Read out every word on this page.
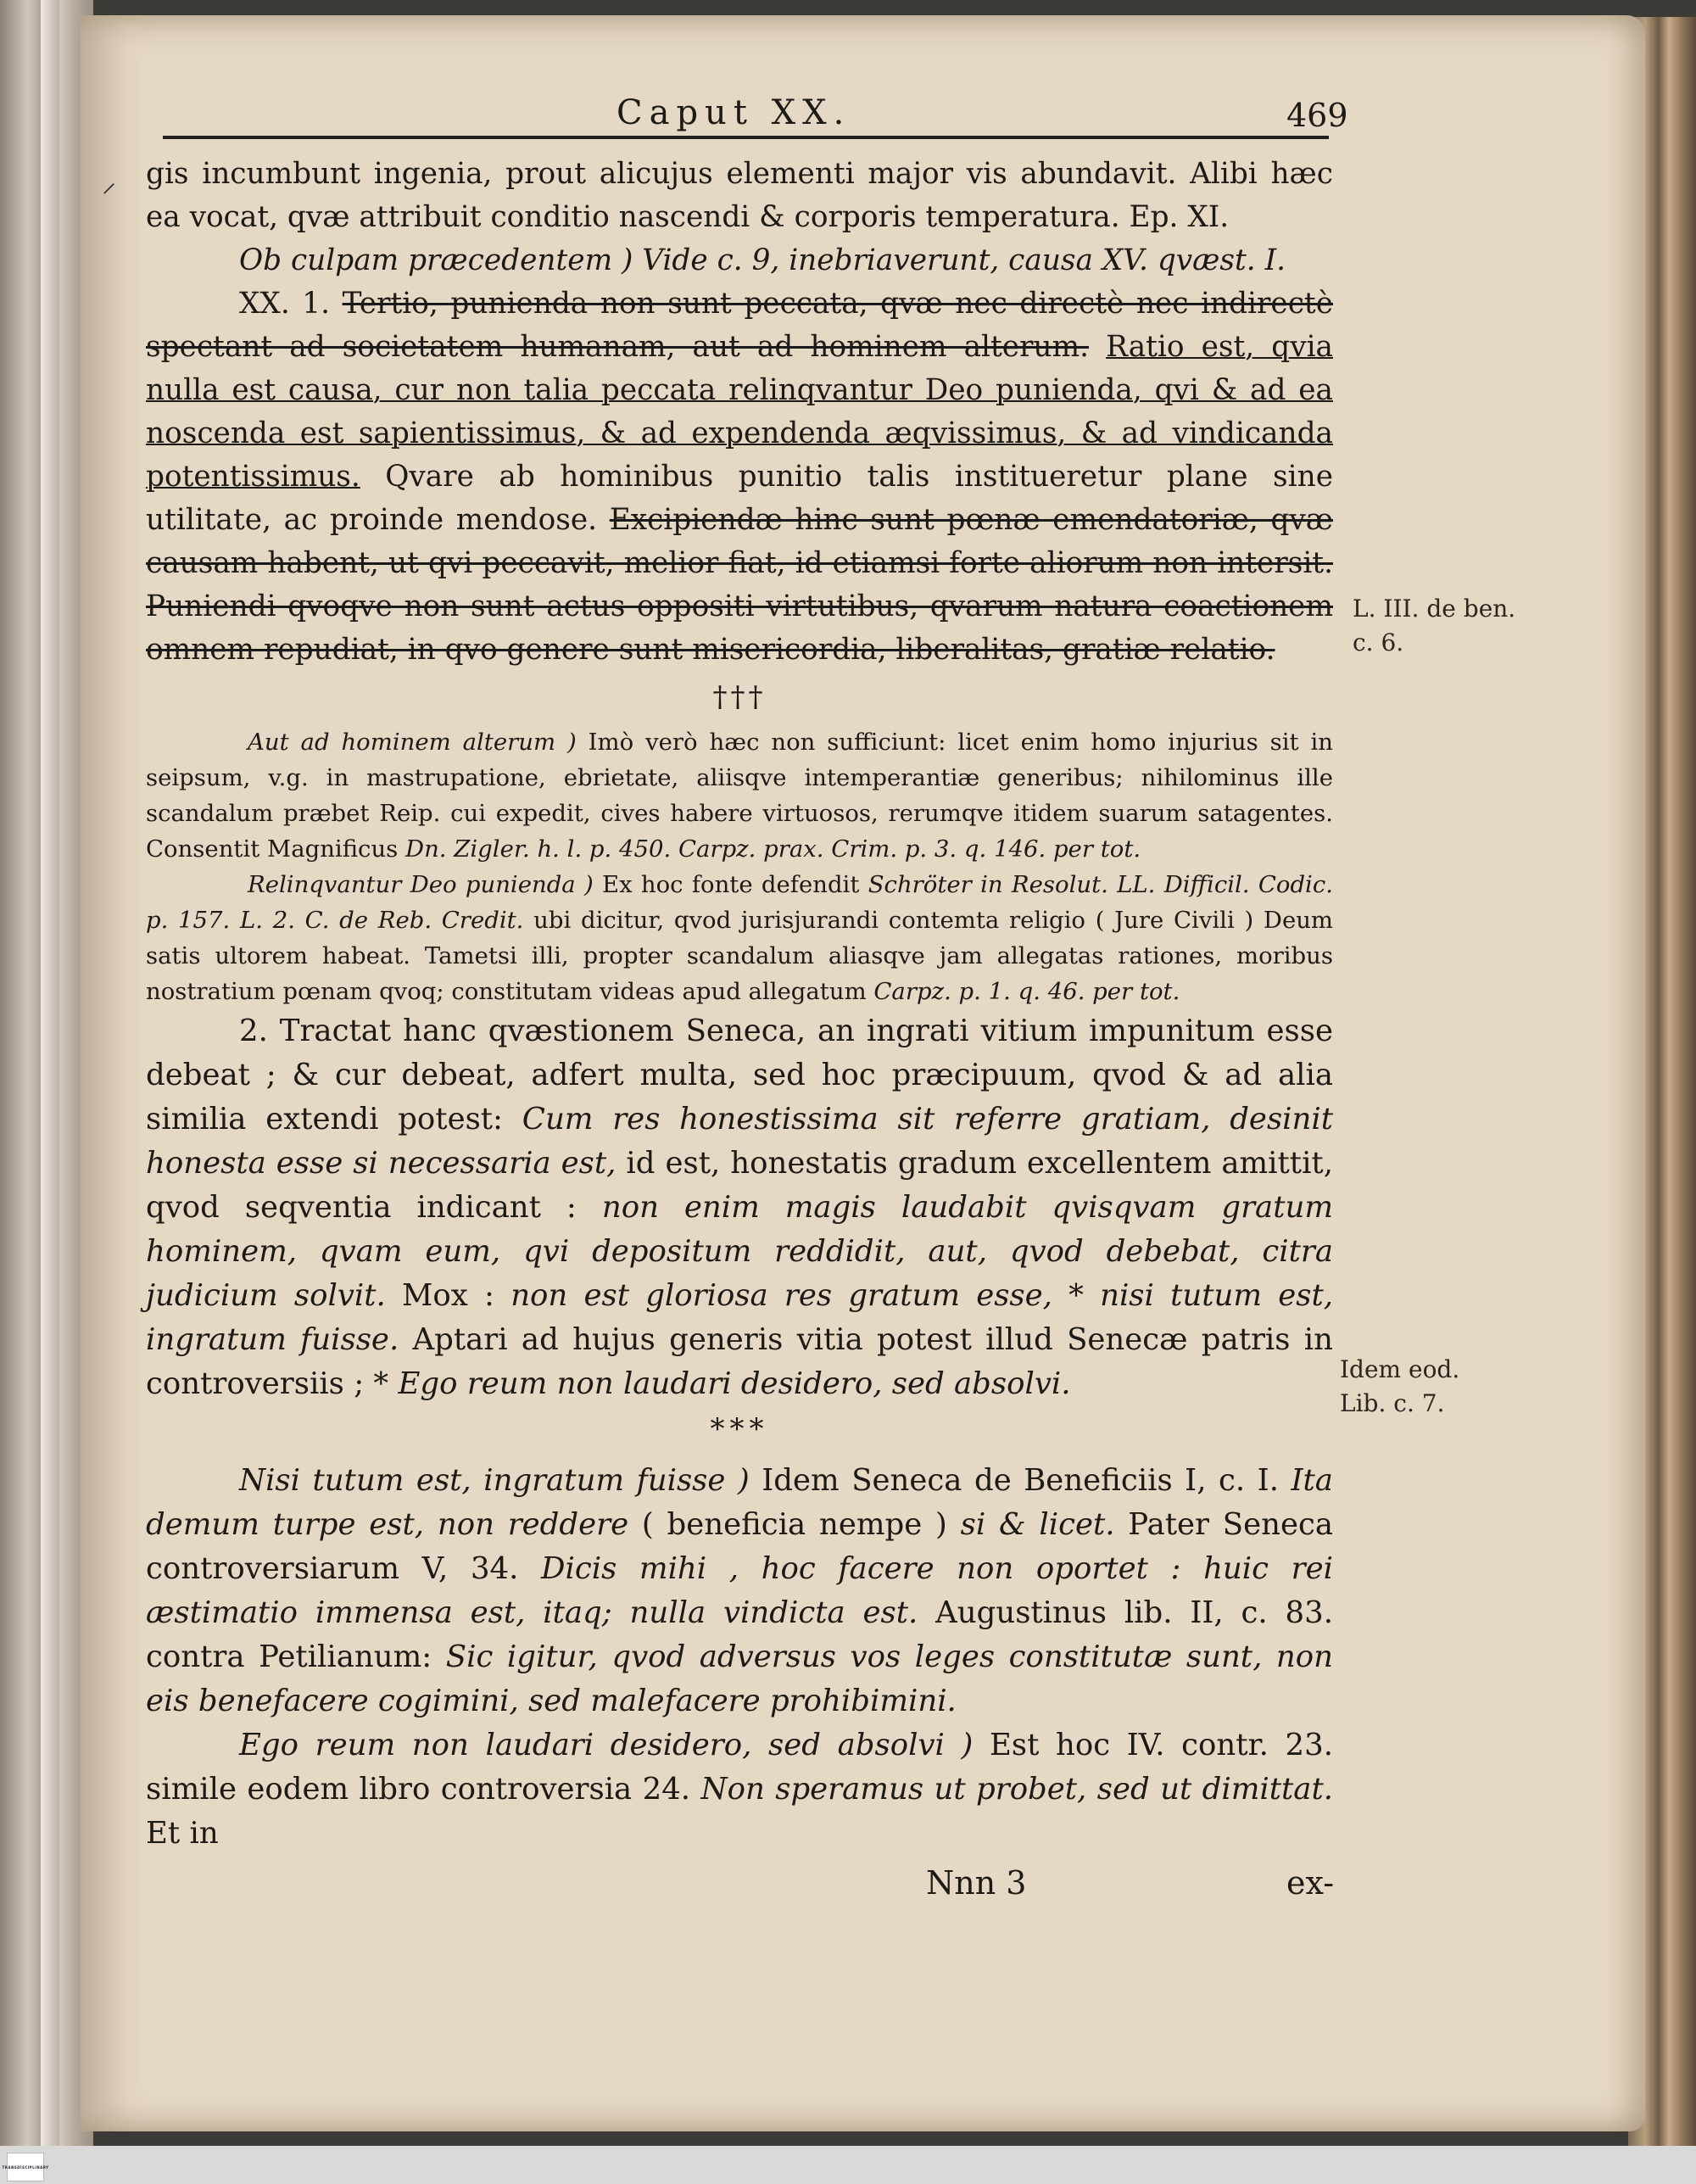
⸝
Caput XX.	469

gis incumbunt ingenia, prout alicujus elementi major vis abundavit. Alibi hæc ea vocat, qvæ attribuit conditio nascendi & corporis temperatura. Ep. XI.

Ob culpam præcedentem ) Vide c. 9, inebriaverunt, causa XV. qvæst. I.

XX. 1. Tertio, punienda non sunt peccata, qvæ nec directè nec indirectè spectant ad societatem humanam, aut ad hominem alterum. Ratio est, qvia nulla est causa, cur non talia peccata relinqvantur Deo punienda, qvi & ad ea noscenda est sapientissimus, & ad expendenda æqvissimus, & ad vindicanda potentissimus. Qvare ab hominibus punitio talis institueretur plane sine utilitate, ac proinde mendose. Excipiendæ hinc sunt pœnæ emendatoriæ, qvæ causam habent, ut qvi peccavit, melior fiat, id etiamsi forte aliorum non intersit. Puniendi qvoqve non sunt actus oppositi virtutibus, qvarum natura coactionem omnem repudiat, in qvo genere sunt misericordia, liberalitas, gratiæ relatio.

†††

Aut ad hominem alterum ) Imò verò hæc non sufficiunt: licet enim homo injurius sit in seipsum, v.g. in mastrupatione, ebrietate, aliisqve intemperantiæ generibus; nihilominus ille scandalum præbet Reip. cui expedit, cives habere virtuosos, rerumqve itidem suarum satagentes. Consentit Magnificus Dn. Zigler. h. l. p. 450. Carpz. prax. Crim. p. 3. q. 146. per tot.

Relinqvantur Deo punienda ) Ex hoc fonte defendit Schröter in Resolut. LL. Difficil. Codic. p. 157. L. 2. C. de Reb. Credit. ubi dicitur, qvod jurisjurandi contemta religio ( Jure Civili ) Deum satis ultorem habeat. Tametsi illi, propter scandalum aliasqve jam allegatas rationes, moribus nostratium pœnam qvoq; constitutam videas apud allegatum Carpz. p. 1. q. 46. per tot.

2. Tractat hanc qvæstionem Seneca, an ingrati vitium impunitum esse debeat ; & cur debeat, adfert multa, sed hoc præcipuum, qvod & ad alia similia extendi potest: Cum res honestissima sit referre gratiam, desinit honesta esse si necessaria est, id est, honestatis gradum excellentem amittit, qvod seqventia indicant : non enim magis laudabit qvisqvam gratum hominem, qvam eum, qvi depositum reddidit, aut, qvod debebat, citra judicium solvit. Mox : non est gloriosa res gratum esse, * nisi tutum est, ingratum fuisse. Aptari ad hujus generis vitia potest illud Senecæ patris in controversiis ; * Ego reum non laudari desidero, sed absolvi.

***

Nisi tutum est, ingratum fuisse ) Idem Seneca de Beneficiis I, c. I. Ita demum turpe est, non reddere ( beneficia nempe ) si & licet. Pater Seneca controversiarum V, 34. Dicis mihi , hoc facere non oportet : huic rei æstimatio immensa est, itaq; nulla vindicta est. Augustinus lib. II, c. 83. contra Petilianum: Sic igitur, qvod adversus vos leges constitutæ sunt, non eis benefacere cogimini, sed malefacere prohibimini.

Ego reum non laudari desidero, sed absolvi ) Est hoc IV. contr. 23. simile eodem libro controversia 24. Non speramus ut probet, sed ut dimittat. Et in

Nnn 3	ex-
L. III. de ben.
c. 6.
Idem eod.
Lib. c. 7.
TRANSDISCIPLINARY
